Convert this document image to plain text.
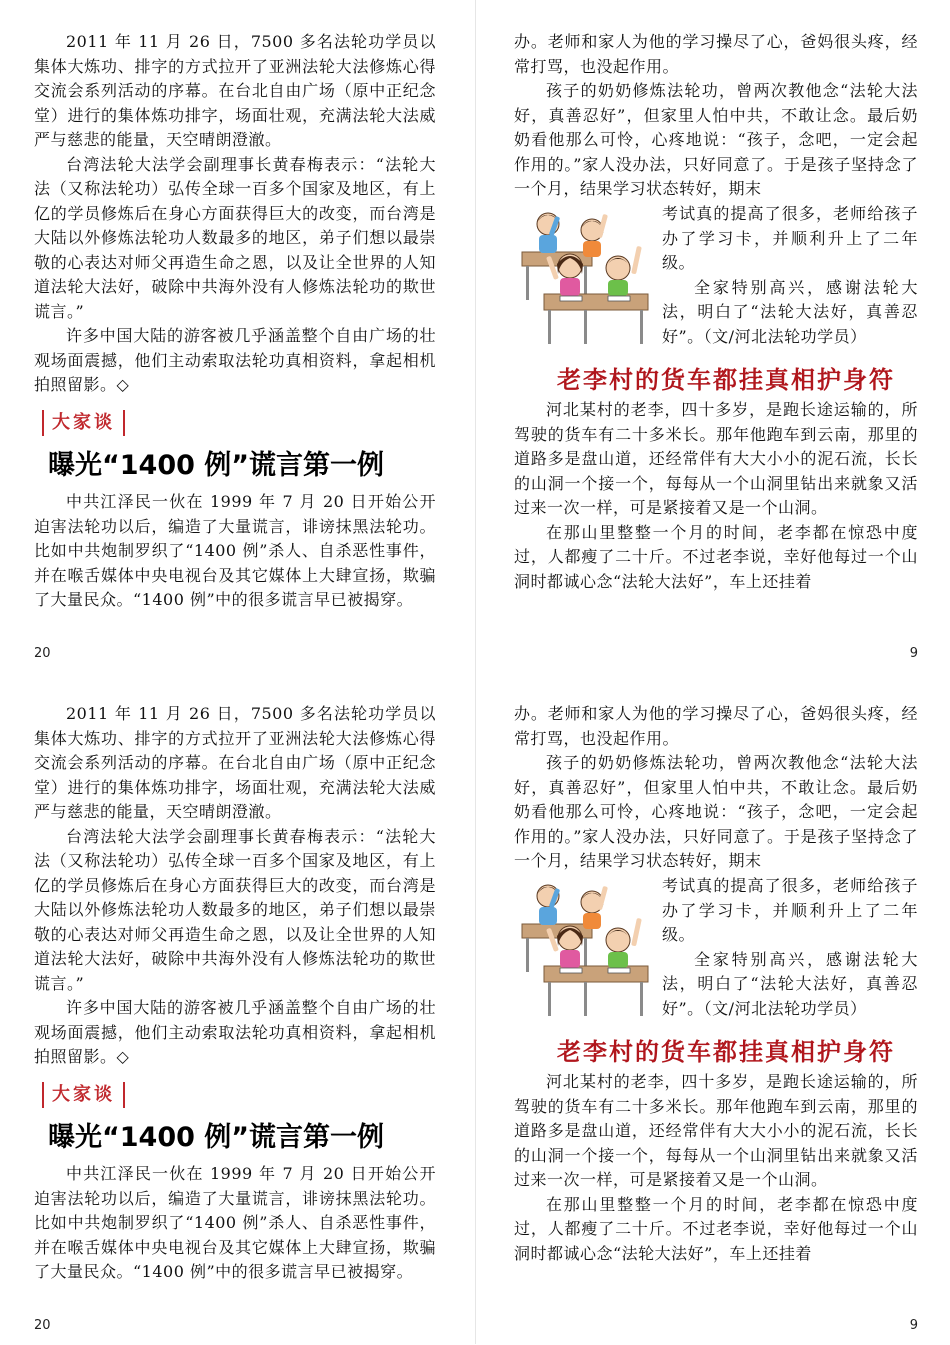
2011 年 11 月 26 日，7500 多名法轮功学员以集体大炼功、排字的方式拉开了亚洲法轮大法修炼心得交流会系列活动的序幕。在台北自由广场（原中正纪念堂）进行的集体炼功排字，场面壮观，充满法轮大法威严与慈悲的能量，天空晴朗澄澈。

台湾法轮大法学会副理事长黄春梅表示：“法轮大法（又称法轮功）弘传全球一百多个国家及地区，有上亿的学员修炼后在身心方面获得巨大的改变，而台湾是大陆以外修炼法轮功人数最多的地区，弟子们想以最崇敬的心表达对师父再造生命之恩，以及让全世界的人知道法轮大法好，破除中共海外没有人修炼法轮功的欺世谎言。”

许多中国大陆的游客被几乎涵盖整个自由广场的壮观场面震撼，他们主动索取法轮功真相资料，拿起相机拍照留影。◇

大家谈
曝光“1400 例”谎言第一例

中共江泽民一伙在 1999 年 7 月 20 日开始公开迫害法轮功以后，编造了大量谎言，诽谤抹黑法轮功。比如中共炮制罗织了“1400 例”杀人、自杀恶性事件，并在喉舌媒体中央电视台及其它媒体上大肆宣扬，欺骗了大量民众。“1400 例”中的很多谎言早已被揭穿。

20

办。老师和家人为他的学习操尽了心，爸妈很头疼，经常打骂，也没起作用。

孩子的奶奶修炼法轮功，曾两次教他念“法轮大法好，真善忍好”，但家里人怕中共，不敢让念。最后奶奶看他那么可怜，心疼地说：“孩子，念吧，一定会起作用的。”家人没办法，只好同意了。于是孩子坚持念了一个月，结果学习状态转好，期末

考试真的提高了很多，老师给孩子办了学习卡，并顺利升上了二年级。

全家特别高兴，感谢法轮大法，明白了“法轮大法好，真善忍好”。（文/河北法轮功学员）

老李村的货车都挂真相护身符

河北某村的老李，四十多岁，是跑长途运输的，所驾驶的货车有二十多米长。那年他跑车到云南，那里的道路多是盘山道，还经常伴有大大小小的泥石流，长长的山洞一个接一个，每每从一个山洞里钻出来就象又活过来一次一样，可是紧接着又是一个山洞。

在那山里整整一个月的时间，老李都在惊恐中度过，人都瘦了二十斤。不过老李说，幸好他每过一个山洞时都诚心念“法轮大法好”，车上还挂着

9

2011 年 11 月 26 日，7500 多名法轮功学员以集体大炼功、排字的方式拉开了亚洲法轮大法修炼心得交流会系列活动的序幕。在台北自由广场（原中正纪念堂）进行的集体炼功排字，场面壮观，充满法轮大法威严与慈悲的能量，天空晴朗澄澈。

台湾法轮大法学会副理事长黄春梅表示：“法轮大法（又称法轮功）弘传全球一百多个国家及地区，有上亿的学员修炼后在身心方面获得巨大的改变，而台湾是大陆以外修炼法轮功人数最多的地区，弟子们想以最崇敬的心表达对师父再造生命之恩，以及让全世界的人知道法轮大法好，破除中共海外没有人修炼法轮功的欺世谎言。”

许多中国大陆的游客被几乎涵盖整个自由广场的壮观场面震撼，他们主动索取法轮功真相资料，拿起相机拍照留影。◇

大家谈
曝光“1400 例”谎言第一例

中共江泽民一伙在 1999 年 7 月 20 日开始公开迫害法轮功以后，编造了大量谎言，诽谤抹黑法轮功。比如中共炮制罗织了“1400 例”杀人、自杀恶性事件，并在喉舌媒体中央电视台及其它媒体上大肆宣扬，欺骗了大量民众。“1400 例”中的很多谎言早已被揭穿。

20

办。老师和家人为他的学习操尽了心，爸妈很头疼，经常打骂，也没起作用。

孩子的奶奶修炼法轮功，曾两次教他念“法轮大法好，真善忍好”，但家里人怕中共，不敢让念。最后奶奶看他那么可怜，心疼地说：“孩子，念吧，一定会起作用的。”家人没办法，只好同意了。于是孩子坚持念了一个月，结果学习状态转好，期末

考试真的提高了很多，老师给孩子办了学习卡，并顺利升上了二年级。

全家特别高兴，感谢法轮大法，明白了“法轮大法好，真善忍好”。（文/河北法轮功学员）

老李村的货车都挂真相护身符

河北某村的老李，四十多岁，是跑长途运输的，所驾驶的货车有二十多米长。那年他跑车到云南，那里的道路多是盘山道，还经常伴有大大小小的泥石流，长长的山洞一个接一个，每每从一个山洞里钻出来就象又活过来一次一样，可是紧接着又是一个山洞。

在那山里整整一个月的时间，老李都在惊恐中度过，人都瘦了二十斤。不过老李说，幸好他每过一个山洞时都诚心念“法轮大法好”，车上还挂着

9
